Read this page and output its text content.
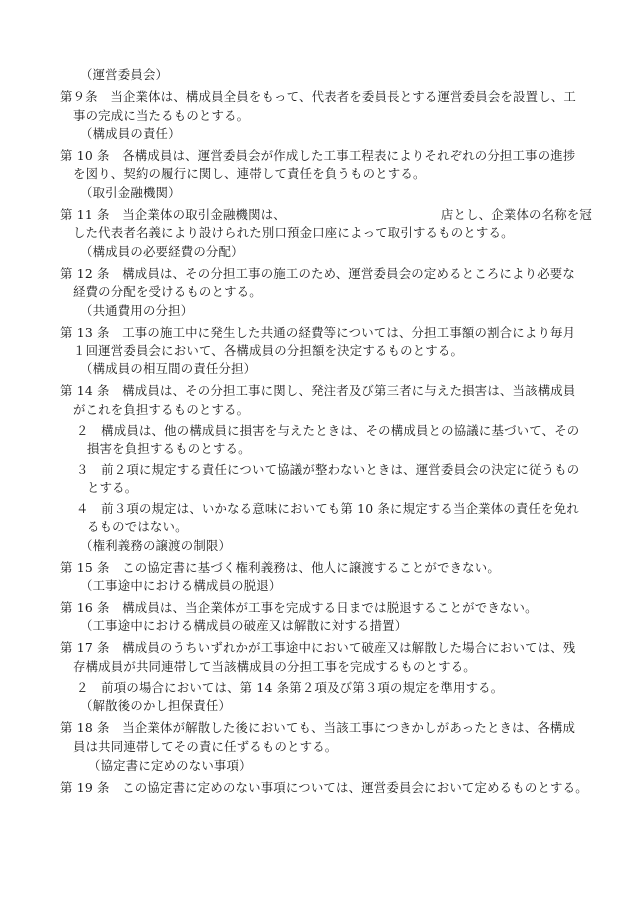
（運営委員会）
第９条　当企業体は、構成員全員をもって、代表者を委員長とする運営委員会を設置し、工
事の完成に当たるものとする。
（構成員の責任）
第 10 条　各構成員は、運営委員会が作成した工事工程表によりそれぞれの分担工事の進捗
を図り、契約の履行に関し、連帯して責任を負うものとする。
（取引金融機関）
第 11 条　当企業体の取引金融機関は、	店とし、企業体の名称を冠
した代表者名義により設けられた別口預金口座によって取引するものとする。
（構成員の必要経費の分配）
第 12 条　構成員は、その分担工事の施工のため、運営委員会の定めるところにより必要な
経費の分配を受けるものとする。
（共通費用の分担）
第 13 条　工事の施工中に発生した共通の経費等については、分担工事額の割合により毎月
１回運営委員会において、各構成員の分担額を決定するものとする。
（構成員の相互間の責任分担）
第 14 条　構成員は、その分担工事に関し、発注者及び第三者に与えた損害は、当該構成員
がこれを負担するものとする。
２　構成員は、他の構成員に損害を与えたときは、その構成員との協議に基づいて、その
損害を負担するものとする。
３　前２項に規定する責任について協議が整わないときは、運営委員会の決定に従うもの
とする。
４　前３項の規定は、いかなる意味においても第 10 条に規定する当企業体の責任を免れ
るものではない。
（権利義務の譲渡の制限）
第 15 条　この協定書に基づく権利義務は、他人に譲渡することができない。
（工事途中における構成員の脱退）
第 16 条　構成員は、当企業体が工事を完成する日までは脱退することができない。
（工事途中における構成員の破産又は解散に対する措置）
第 17 条　構成員のうちいずれかが工事途中において破産又は解散した場合においては、残
存構成員が共同連帯して当該構成員の分担工事を完成するものとする。
２　前項の場合においては、第 14 条第２項及び第３項の規定を準用する。
（解散後のかし担保責任）
第 18 条　当企業体が解散した後においても、当該工事につきかしがあったときは、各構成
員は共同連帯してその責に任ずるものとする。
（協定書に定めのない事項）
第 19 条　この協定書に定めのない事項については、運営委員会において定めるものとする。
